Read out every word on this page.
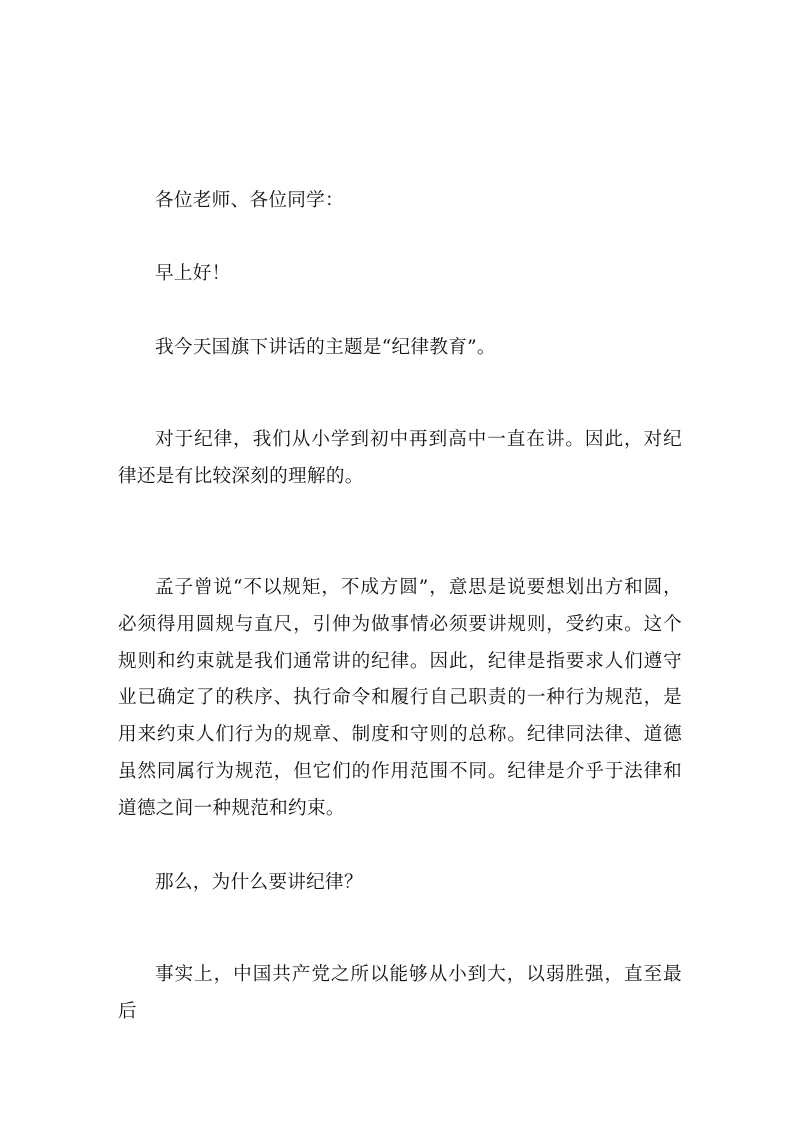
各位老师、各位同学：

早上好！

我今天国旗下讲话的主题是“纪律教育”。

对于纪律，我们从小学到初中再到高中一直在讲。因此，对纪律还是有比较深刻的理解的。

孟子曾说“不以规矩，不成方圆”，意思是说要想划出方和圆，必须得用圆规与直尺，引伸为做事情必须要讲规则，受约束。这个规则和约束就是我们通常讲的纪律。因此，纪律是指要求人们遵守业已确定了的秩序、执行命令和履行自己职责的一种行为规范，是用来约束人们行为的规章、制度和守则的总称。纪律同法律、道德虽然同属行为规范，但它们的作用范围不同。纪律是介乎于法律和道德之间一种规范和约束。

那么，为什么要讲纪律？

事实上，中国共产党之所以能够从小到大，以弱胜强，直至最后
